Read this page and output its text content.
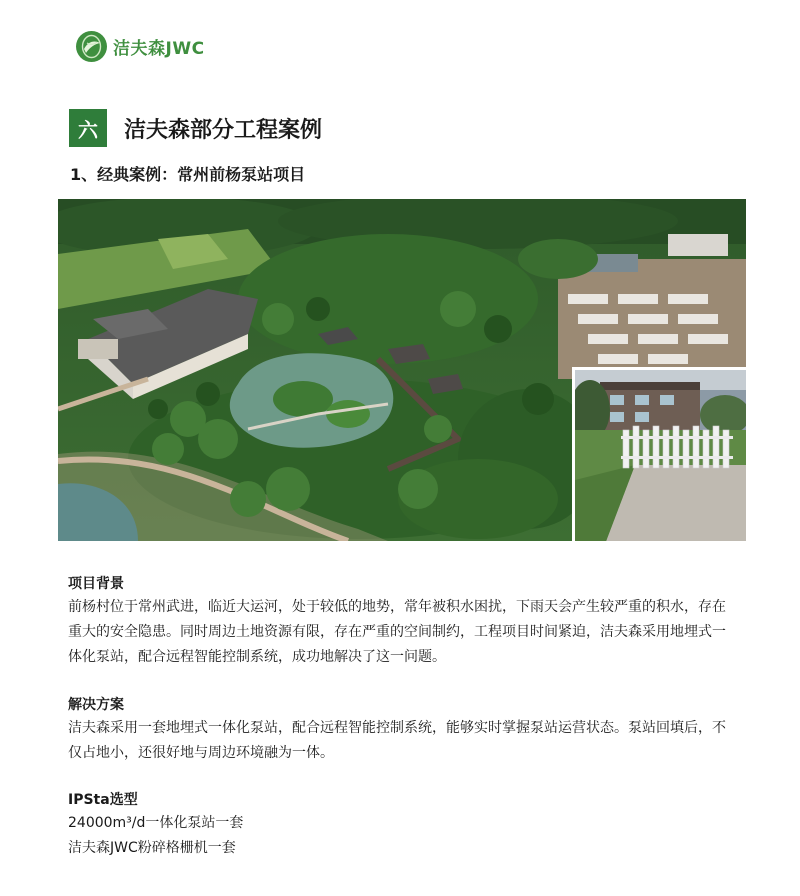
洁夫森JWC
六	洁夫森部分工程案例
1、经典案例：常州前杨泵站项目
项目背景
前杨村位于常州武进，临近大运河，处于较低的地势，常年被积水困扰，下雨天会产生较严重的积水，存在重大的安全隐患。同时周边土地资源有限，存在严重的空间制约，工程项目时间紧迫，洁夫森采用地埋式一体化泵站，配合远程智能控制系统，成功地解决了这一问题。
解决方案
洁夫森采用一套地埋式一体化泵站，配合远程智能控制系统，能够实时掌握泵站运营状态。泵站回填后，不仅占地小，还很好地与周边环境融为一体。
IPSta选型
24000m³/d一体化泵站一套
洁夫森JWC粉碎格栅机一套
